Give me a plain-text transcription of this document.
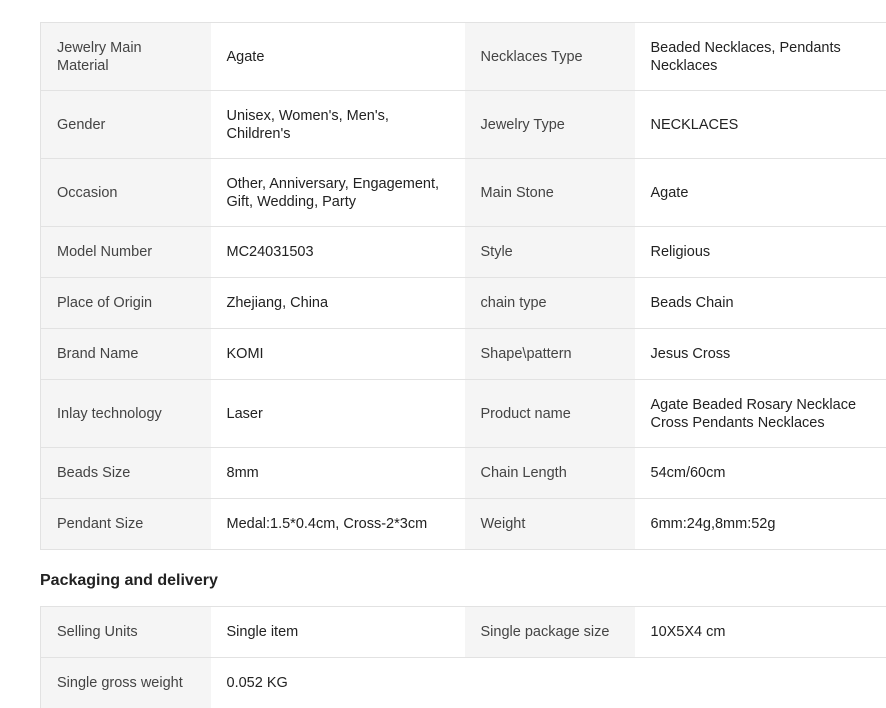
Jewelry Main Material	Agate	Necklaces Type	Beaded Necklaces, Pendants Necklaces
Gender	Unisex, Women's, Men's, Children's	Jewelry Type	NECKLACES
Occasion	Other, Anniversary, Engagement, Gift, Wedding, Party	Main Stone	Agate
Model Number	MC24031503	Style	Religious
Place of Origin	Zhejiang, China	chain type	Beads Chain
Brand Name	KOMI	Shape\pattern	Jesus Cross
Inlay technology	Laser	Product name	Agate Beaded Rosary Necklace Cross Pendants Necklaces
Beads Size	8mm	Chain Length	54cm/60cm
Pendant Size	Medal:1.5*0.4cm, Cross-2*3cm	Weight	6mm:24g,8mm:52g
Packaging and delivery
Selling Units	Single item	Single package size	10X5X4 cm
Single gross weight	0.052 KG		
